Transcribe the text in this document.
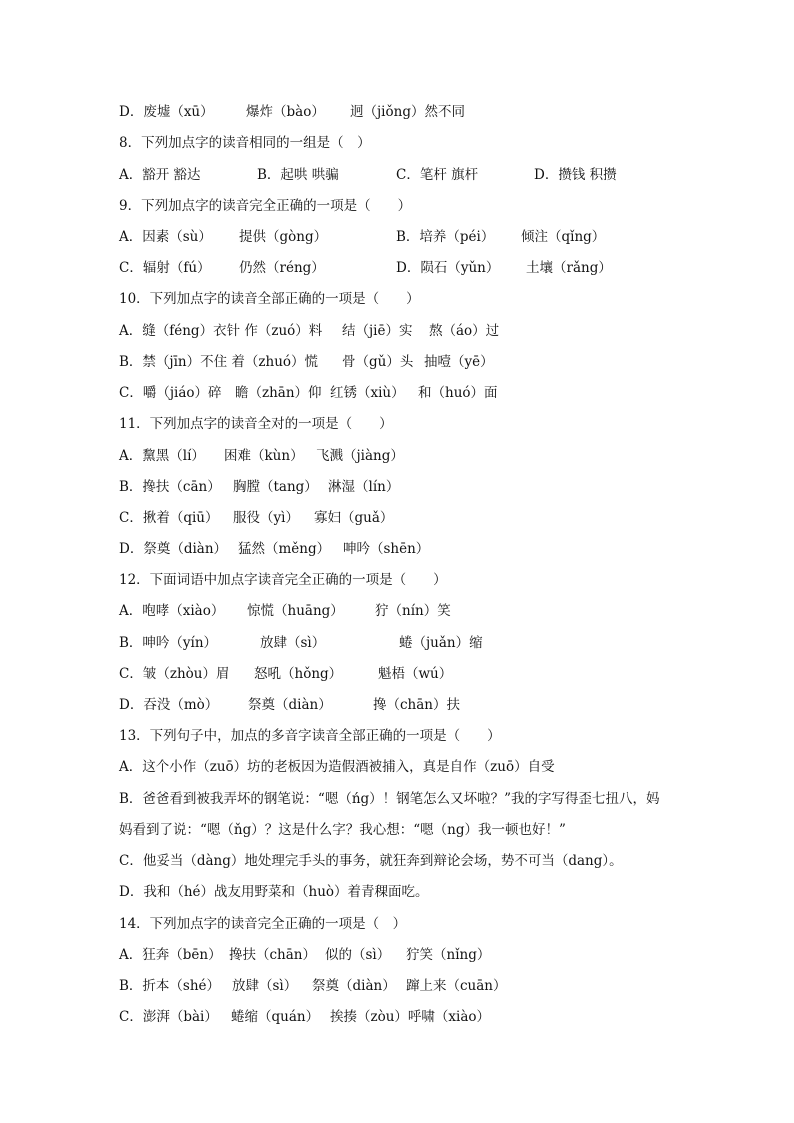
D．废墟（xū） 爆炸（bào） 迥（jiǒng）然不同
8．下列加点字的读音相同的一组是（　）
A．豁开 豁达	B．起哄 哄骗	C．笔杆 旗杆	D．攒钱 积攒
9．下列加点字的读音完全正确的一项是（　　）
A．因素（sù） 提供（gòng）	B．培养（péi） 倾注（qǐng）
C．辐射（fú） 仍然（réng）	D．陨石（yǔn） 土壤（rǎng）
10．下列加点字的读音全部正确的一项是（　　）
A．缝（féng）衣针 作（zuó）料 结（jiē）实 熬（áo）过
B．禁（jīn）不住 着（zhuó）慌 骨（gǔ）头 抽噎（yē）
C．嚼（jiáo）碎 瞻（zhān）仰 红锈（xiù） 和（huó）面
11．下列加点字的读音全对的一项是（　　）
A．黧黑（lí） 困难（kùn） 飞溅（jiàng）
B．搀扶（cān） 胸膛（tang） 淋湿（lín）
C．揪着（qiū） 服役（yì） 寡妇（guǎ）
D．祭奠（diàn） 猛然（měng） 呻吟（shēn）
12．下面词语中加点字读音完全正确的一项是（　　）
A．咆哮（xiào） 惊慌（huāng） 狞（nín）笑
B．呻吟（yín）	放肆（sì）	蜷（juǎn）缩
C．皱（zhòu）眉 怒吼（hǒng）	魁梧（wú）
D．吞没（mò） 祭奠（diàn）	搀（chān）扶
13．下列句子中，加点的多音字读音全部正确的一项是（　　）
A．这个小作（zuō）坊的老板因为造假酒被捕入，真是自作（zuō）自受
B．爸爸看到被我弄坏的钢笔说：“嗯（ńg）！钢笔怎么又坏啦？”我的字写得歪七扭八，妈
妈看到了说：“嗯（ňg）？这是什么字？我心想：“嗯（ng）我一顿也好！”
C．他妥当（dàng）地处理完手头的事务，就狂奔到辩论会场，势不可当（dang）。
D．我和（hé）战友用野菜和（huò）着青稞面吃。
14．下列加点字的读音完全正确的一项是（　）
A．狂奔（bēn） 搀扶（chān） 似的（sì） 狞笑（nǐng）
B．折本（shé） 放肆（sì） 祭奠（diàn） 蹿上来（cuān）
C．澎湃（bài） 蜷缩（quán） 挨揍（zòu）呼啸（xiào）
